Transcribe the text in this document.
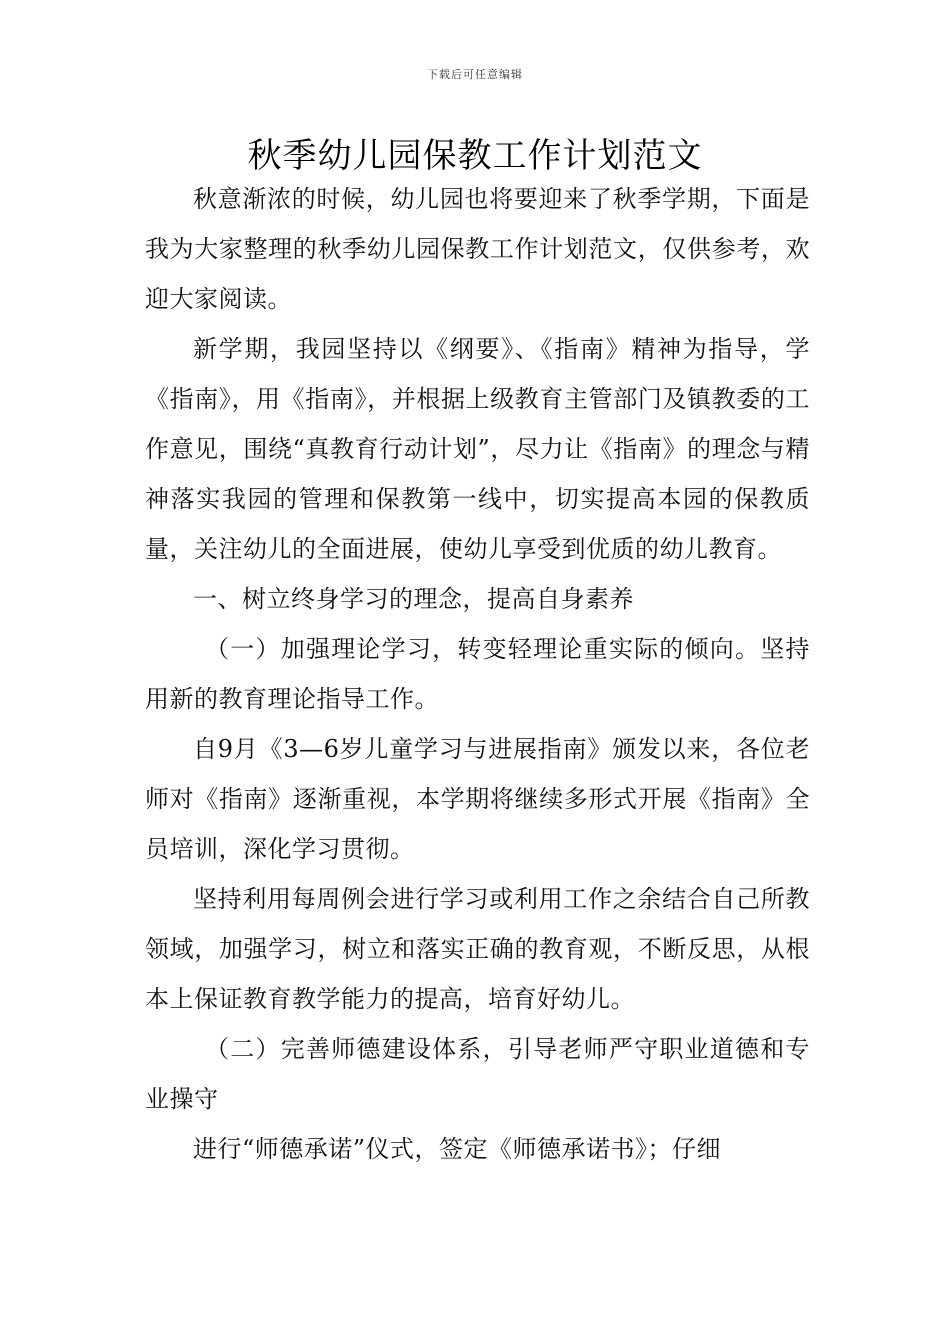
下载后可任意编辑
秋季幼儿园保教工作计划范文

秋意渐浓的时候，幼儿园也将要迎来了秋季学期，下面是我为大家整理的秋季幼儿园保教工作计划范文，仅供参考，欢迎大家阅读。

新学期，我园坚持以《纲要》、《指南》精神为指导，学《指南》，用《指南》，并根据上级教育主管部门及镇教委的工作意见，围绕“真教育行动计划”，尽力让《指南》的理念与精神落实我园的管理和保教第一线中，切实提高本园的保教质量，关注幼儿的全面进展，使幼儿享受到优质的幼儿教育。

一、树立终身学习的理念，提高自身素养

（一）加强理论学习，转变轻理论重实际的倾向。坚持用新的教育理论指导工作。

自9月《3—6岁儿童学习与进展指南》颁发以来，各位老师对《指南》逐渐重视，本学期将继续多形式开展《指南》全员培训，深化学习贯彻。

坚持利用每周例会进行学习或利用工作之余结合自己所教领域，加强学习，树立和落实正确的教育观，不断反思，从根本上保证教育教学能力的提高，培育好幼儿。

（二）完善师德建设体系，引导老师严守职业道德和专业操守

进行“师德承诺”仪式，签定《师德承诺书》；仔细
